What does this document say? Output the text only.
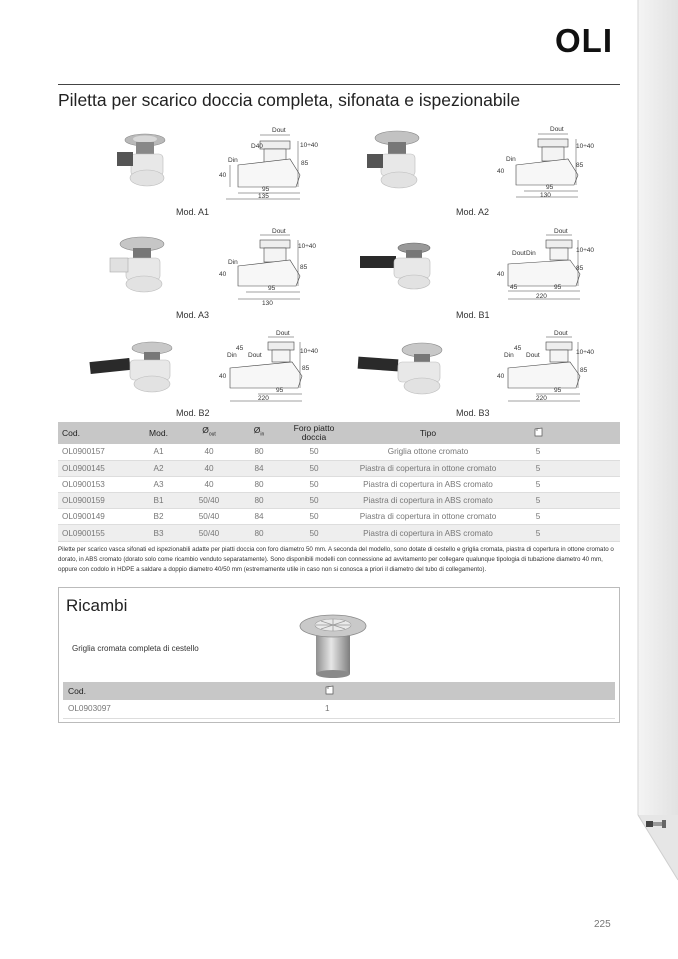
OLI
Piletta per scarico doccia completa, sifonata e ispezionabile
Dout
D40	10÷40
85
Din
40
95
135
Mod. A1
Dout
10÷40
85
Din
40
95
130
Mod. A2
Dout
10÷40
85
Din
40
95
130
Mod. A3
Dout
10÷40
85
Dout Din
40
45	95
220
Mod. B1
Dout
10÷40
85
45
Din Dout
40
95
220
Mod. B2
Dout
10÷40
85
45
Din Dout
40
95
220
Mod. B3
Cod.	Mod.	$Ø_{out}$	$Ø_{in}$	Foro piatto
doccia	Tipo		
OL0900157	A1	40	80	50	Griglia ottone cromato	5	
OL0900145	A2	40	84	50	Piastra di copertura in ottone cromato	5	
OL0900153	A3	40	80	50	Piastra di copertura in ABS cromato	5	
OL0900159	B1	50/40	80	50	Piastra di copertura in ABS cromato	5	
OL0900149	B2	50/40	84	50	Piastra di copertura in ottone cromato	5	
OL0900155	B3	50/40	80	50	Piastra di copertura in ABS cromato	5	

Pilette per scarico vasca sifonati ed ispezionabili adatte per piatti doccia con foro diametro 50 mm. A seconda del modello, sono dotate di cestello e griglia cromata, piastra di copertura in ottone cromato o dorato, in ABS cromato (dorato solo come ricambio venduto separatamente). Sono disponibili modelli con connessione ad avvitamento per collegare qualunque tipologia di tubazione diametro 40 mm, oppure con codolo in HDPE a saldare a doppio diametro 40/50 mm (estremamente utile in caso non si conosca a priori il diametro del tubo di collegamento).

Ricambi
Griglia cromata completa di cestello
Cod.	
OL0903097	1
225
